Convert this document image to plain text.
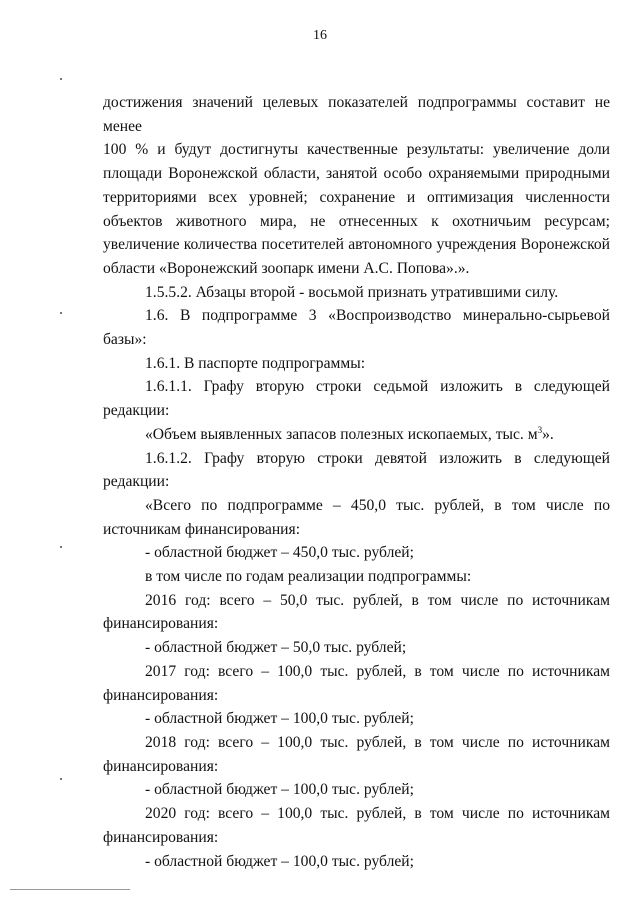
16
достижения значений целевых показателей подпрограммы составит не менее
100 % и будут достигнуты качественные результаты: увеличение доли
площади Воронежской области, занятой особо охраняемыми природными
территориями всех уровней; сохранение и оптимизация численности
объектов животного мира, не отнесенных к охотничьим ресурсам;
увеличение количества посетителей автономного учреждения Воронежской
области «Воронежский зоопарк имени А.С. Попова».».
1.5.5.2. Абзацы второй - восьмой признать утратившими силу.
1.6. В подпрограмме 3 «Воспроизводство минерально-сырьевой
базы»:
1.6.1. В паспорте подпрограммы:
1.6.1.1. Графу вторую строки седьмой изложить в следующей
редакции:
«Объем выявленных запасов полезных ископаемых, тыс. $м^3$».
1.6.1.2. Графу вторую строки девятой изложить в следующей редакции:
«Всего по подпрограмме – 450,0 тыс. рублей, в том числе по
источникам финансирования:
- областной бюджет – 450,0 тыс. рублей;
в том числе по годам реализации подпрограммы:
2016 год: всего – 50,0 тыс. рублей, в том числе по источникам
финансирования:
- областной бюджет – 50,0 тыс. рублей;
2017 год: всего – 100,0 тыс. рублей, в том числе по источникам
финансирования:
- областной бюджет – 100,0 тыс. рублей;
2018 год: всего – 100,0 тыс. рублей, в том числе по источникам
финансирования:
- областной бюджет – 100,0 тыс. рублей;
2020 год: всего – 100,0 тыс. рублей, в том числе по источникам
финансирования:
- областной бюджет – 100,0 тыс. рублей;
